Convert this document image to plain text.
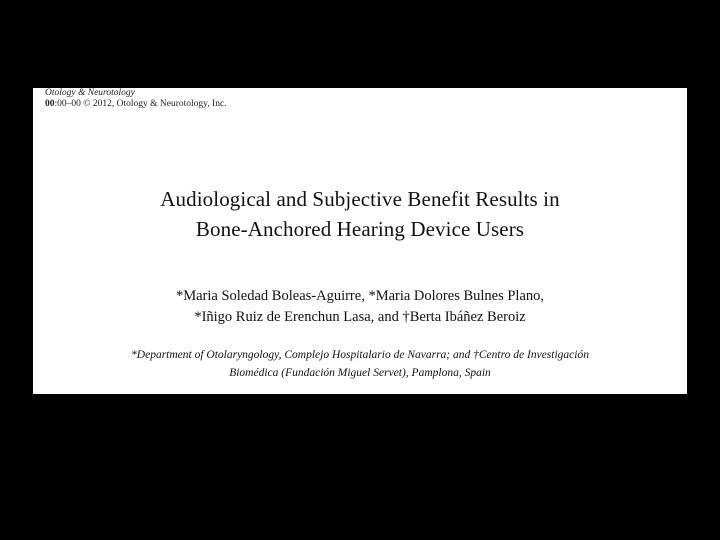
Otology & Neurotology
00:00–00 © 2012, Otology & Neurotology, Inc.
Audiological and Subjective Benefit Results in
Bone-Anchored Hearing Device Users
*Maria Soledad Boleas-Aguirre, *Maria Dolores Bulnes Plano,
*Iñigo Ruiz de Erenchun Lasa, and †Berta Ibáñez Beroiz
*Department of Otolaryngology, Complejo Hospitalario de Navarra; and †Centro de Investigación
Biomédica (Fundación Miguel Servet), Pamplona, Spain
